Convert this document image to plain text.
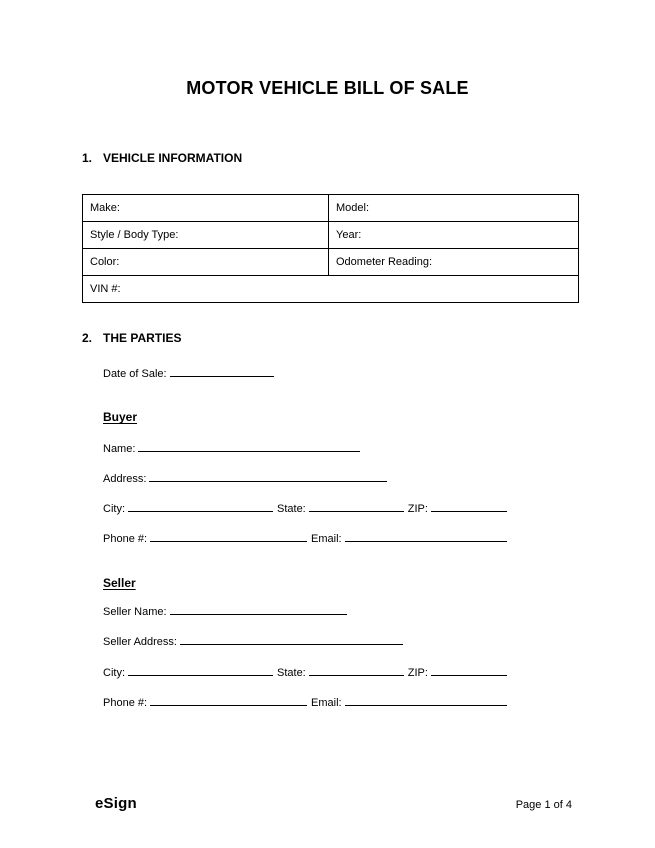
MOTOR VEHICLE BILL OF SALE
1. VEHICLE INFORMATION
Make:	Model:
Style / Body Type:	Year:
Color:	Odometer Reading:
VIN #:	
2. THE PARTIES
Date of Sale:
Buyer
Name:
Address:
City:	State:	ZIP:
Phone #:	Email:
Seller
Seller Name:
Seller Address:
City:	State:	ZIP:
Phone #:	Email:
eSign	Page 1 of 4
